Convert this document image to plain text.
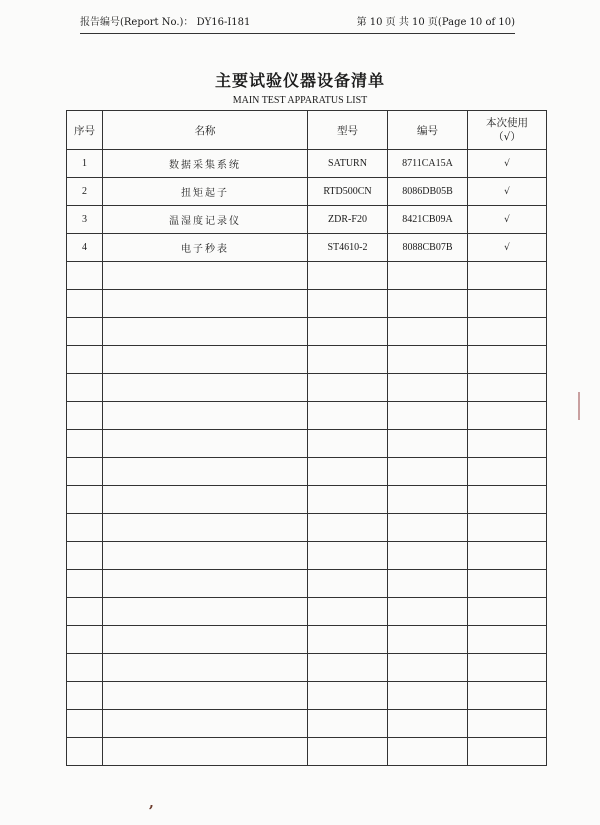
报告编号(Report No.)： DY16-I181	第 10 页 共 10 页(Page 10 of 10)
主要试验仪器设备清单
MAIN TEST APPARATUS LIST
序号	名称	型号	编号	本次使用
（√）

1	数据采集系统	SATURN	8711CA15A	√
2	扭矩起子	RTD500CN	8086DB05B	√
3	温湿度记录仪	ZDR-F20	8421CB09A	√
4	电子秒表	ST4610-2	8088CB07B	√

,
